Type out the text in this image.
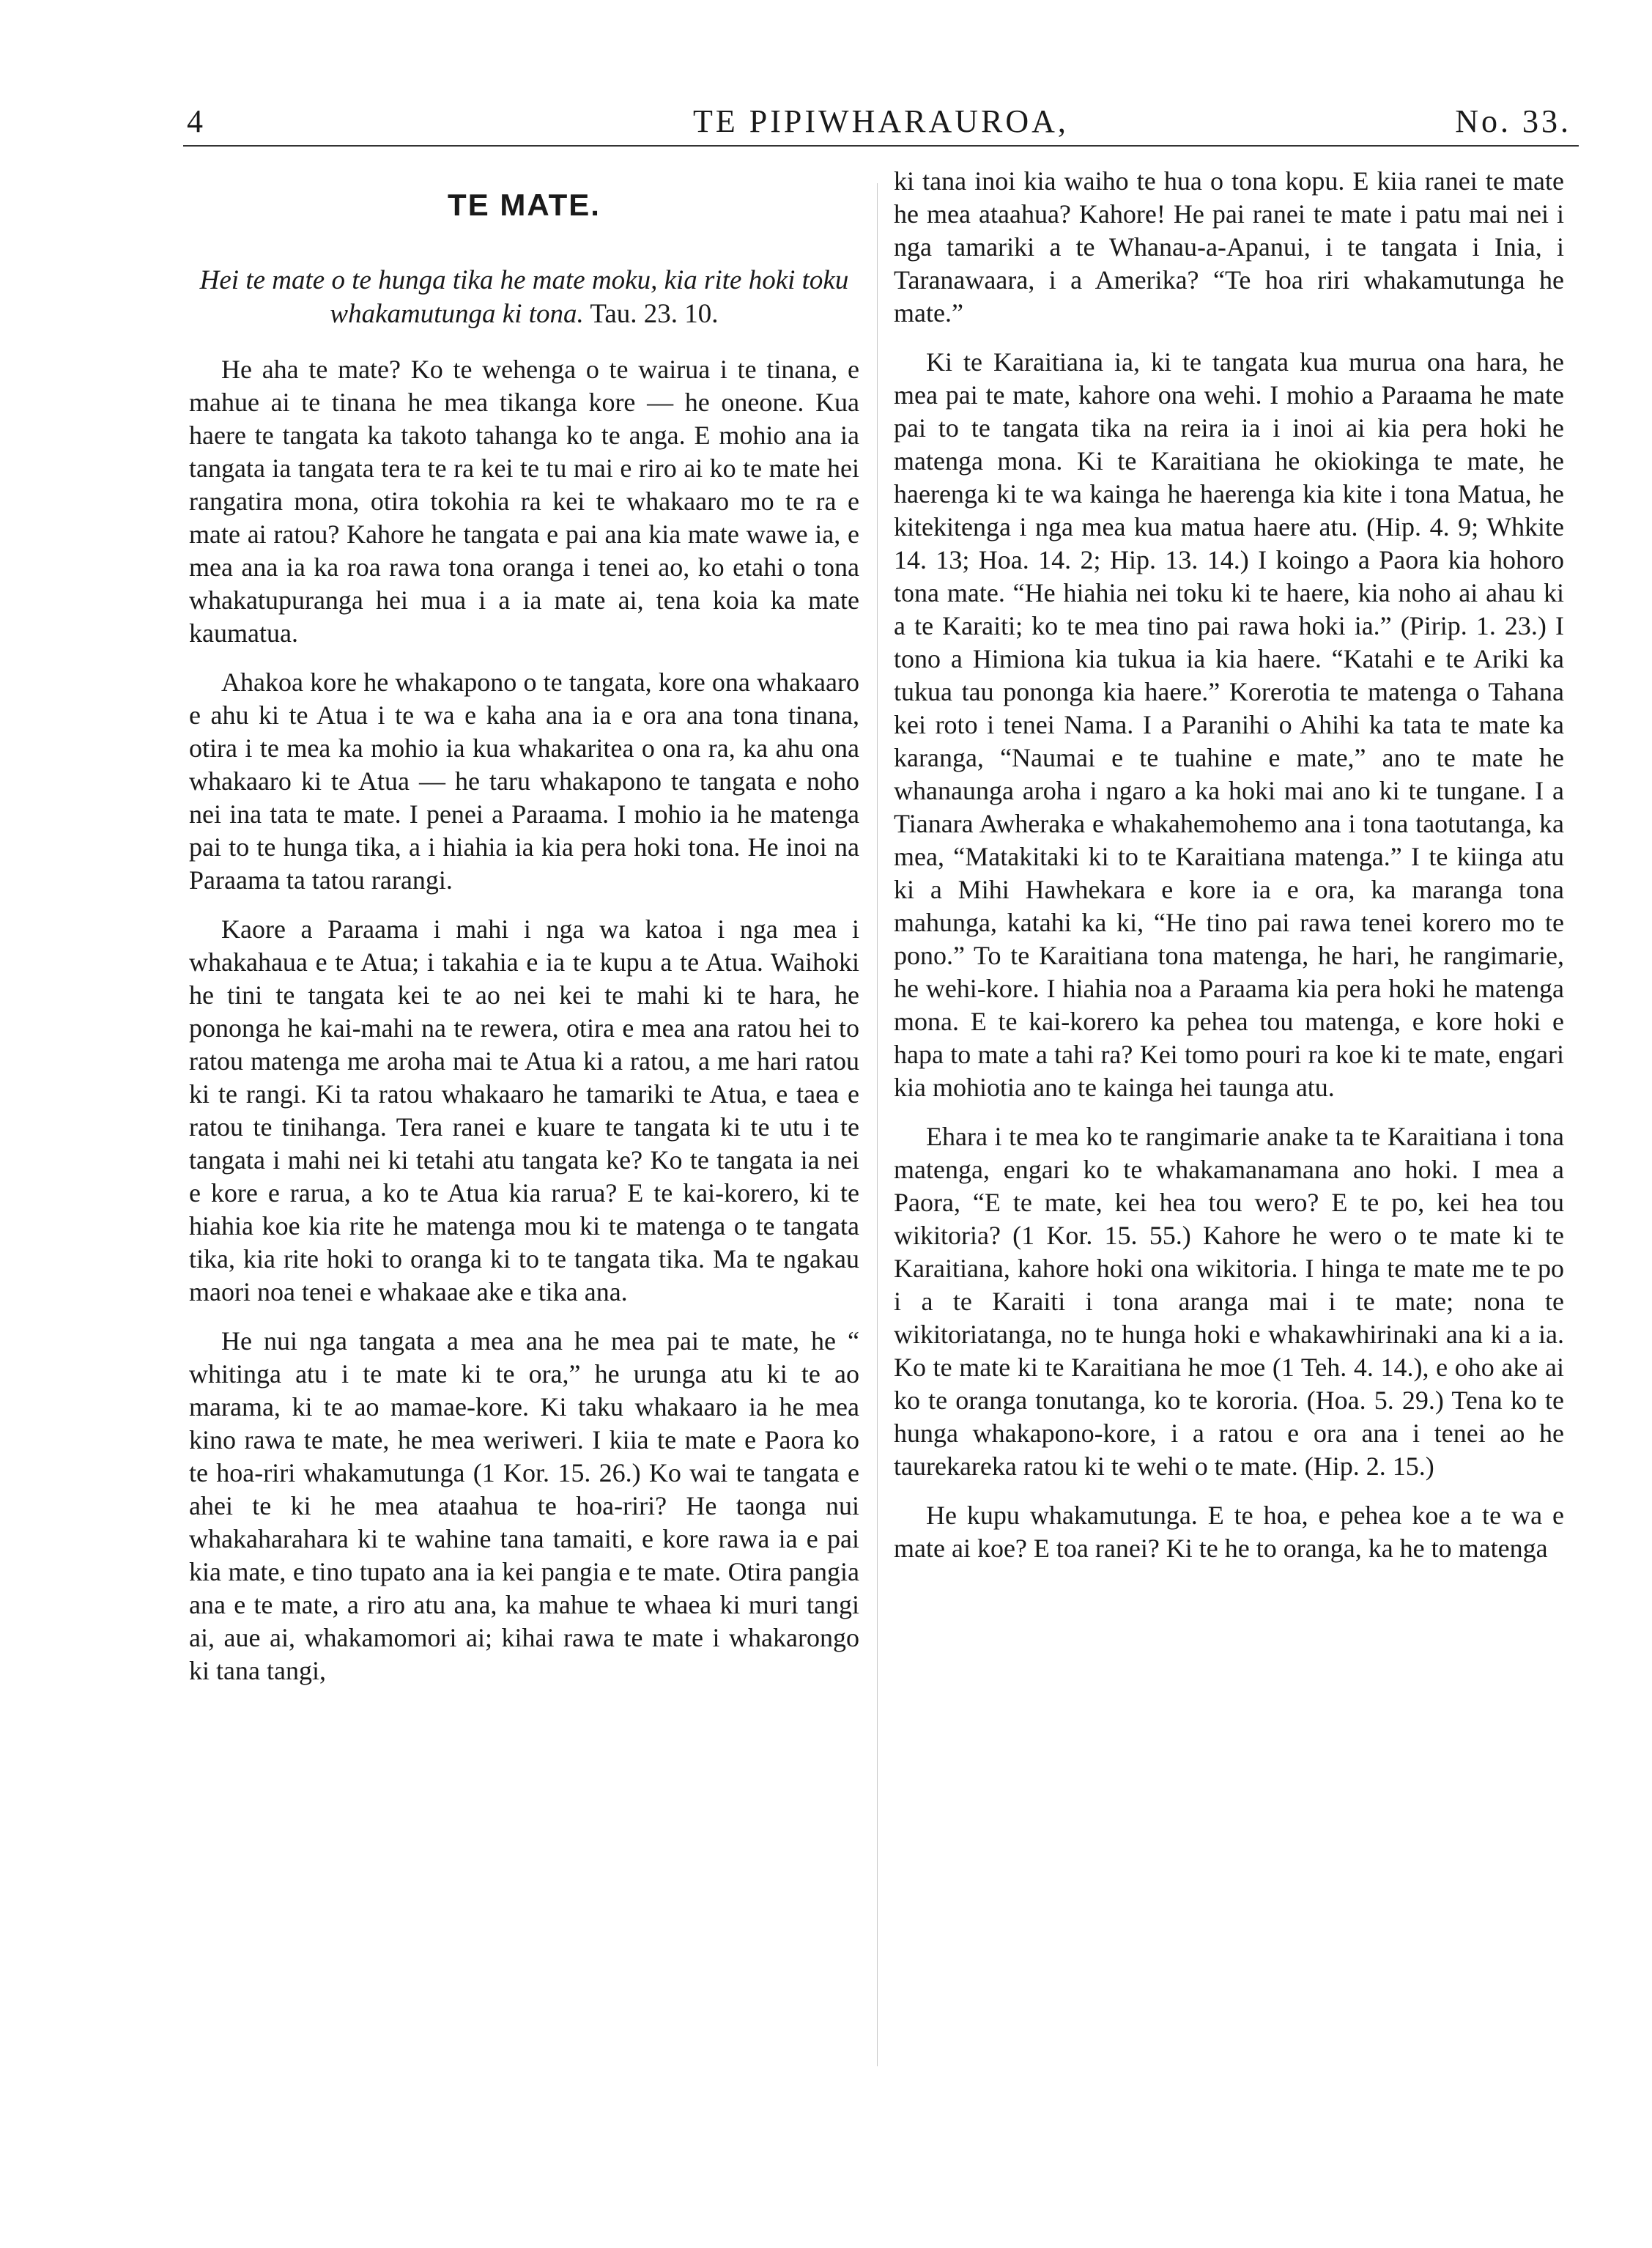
4	TE PIPIWHARAUROA,	No. 33.
TE MATE.
Hei te mate o te hunga tika he mate moku, kia rite hoki toku whakamutunga ki tona. Tau. 23. 10.

He aha te mate? Ko te wehenga o te wairua i te tinana, e mahue ai te tinana he mea tikanga kore — he oneone. Kua haere te tangata ka takoto tahanga ko te anga. E mohio ana ia tangata ia tangata tera te ra kei te tu mai e riro ai ko te mate hei rangatira mona, otira tokohia ra kei te whakaaro mo te ra e mate ai ratou? Kahore he tangata e pai ana kia mate wawe ia, e mea ana ia ka roa rawa tona oranga i tenei ao, ko etahi o tona whakatupuranga hei mua i a ia mate ai, tena koia ka mate kaumatua.

Ahakoa kore he whakapono o te tangata, kore ona whakaaro e ahu ki te Atua i te wa e kaha ana ia e ora ana tona tinana, otira i te mea ka mohio ia kua whakaritea o ona ra, ka ahu ona whakaaro ki te Atua — he taru whakapono te tangata e noho nei ina tata te mate. I penei a Paraama. I mohio ia he matenga pai to te hunga tika, a i hiahia ia kia pera hoki tona. He inoi na Paraama ta tatou rarangi.

Kaore a Paraama i mahi i nga wa katoa i nga mea i whakahaua e te Atua; i takahia e ia te kupu a te Atua. Waihoki he tini te tangata kei te ao nei kei te mahi ki te hara, he pononga he kai-mahi na te rewera, otira e mea ana ratou hei to ratou matenga me aroha mai te Atua ki a ratou, a me hari ratou ki te rangi. Ki ta ratou whakaaro he tamariki te Atua, e taea e ratou te tinihanga. Tera ranei e kuare te tangata ki te utu i te tangata i mahi nei ki tetahi atu tangata ke? Ko te tangata ia nei e kore e rarua, a ko te Atua kia rarua? E te kai-korero, ki te hiahia koe kia rite he matenga mou ki te matenga o te tangata tika, kia rite hoki to oranga ki to te tangata tika. Ma te ngakau maori noa tenei e whakaae ake e tika ana.

He nui nga tangata a mea ana he mea pai te mate, he “ whitinga atu i te mate ki te ora,” he urunga atu ki te ao marama, ki te ao mamae-kore. Ki taku whakaaro ia he mea kino rawa te mate, he mea weriweri. I kiia te mate e Paora ko te hoa-riri whakamutunga (1 Kor. 15. 26.) Ko wai te tangata e ahei te ki he mea ataahua te hoa-riri? He taonga nui whakaharahara ki te wahine tana tamaiti, e kore rawa ia e pai kia mate, e tino tupato ana ia kei pangia e te mate. Otira pangia ana e te mate, a riro atu ana, ka mahue te whaea ki muri tangi ai, aue ai, whakamomori ai; kihai rawa te mate i whakarongo ki tana tangi,

ki tana inoi kia waiho te hua o tona kopu. E kiia ranei te mate he mea ataahua? Kahore! He pai ranei te mate i patu mai nei i nga tamariki a te Whanau-a-Apanui, i te tangata i Inia, i Taranawaara, i a Amerika? “Te hoa riri whakamutunga he mate.”

Ki te Karaitiana ia, ki te tangata kua murua ona hara, he mea pai te mate, kahore ona wehi. I mohio a Paraama he mate pai to te tangata tika na reira ia i inoi ai kia pera hoki he matenga mona. Ki te Karaitiana he okiokinga te mate, he haerenga ki te wa kainga he haerenga kia kite i tona Matua, he kitekitenga i nga mea kua matua haere atu. (Hip. 4. 9; Whkite 14. 13; Hoa. 14. 2; Hip. 13. 14.) I koingo a Paora kia hohoro tona mate. “He hiahia nei toku ki te haere, kia noho ai ahau ki a te Karaiti; ko te mea tino pai rawa hoki ia.” (Pirip. 1. 23.) I tono a Himiona kia tukua ia kia haere. “Katahi e te Ariki ka tukua tau pononga kia haere.” Korerotia te matenga o Tahana kei roto i tenei Nama. I a Paranihi o Ahihi ka tata te mate ka karanga, “Naumai e te tuahine e mate,” ano te mate he whanaunga aroha i ngaro a ka hoki mai ano ki te tungane. I a Tianara Awheraka e whakahemohemo ana i tona taotutanga, ka mea, “Matakitaki ki to te Karaitiana matenga.” I te kiinga atu ki a Mihi Hawhekara e kore ia e ora, ka maranga tona mahunga, katahi ka ki, “He tino pai rawa tenei korero mo te pono.” To te Karaitiana tona matenga, he hari, he rangimarie, he wehi-kore. I hiahia noa a Paraama kia pera hoki he matenga mona. E te kai-korero ka pehea tou matenga, e kore hoki e hapa to mate a tahi ra? Kei tomo pouri ra koe ki te mate, engari kia mohiotia ano te kainga hei taunga atu.

Ehara i te mea ko te rangimarie anake ta te Karaitiana i tona matenga, engari ko te whakamanamana ano hoki. I mea a Paora, “E te mate, kei hea tou wero? E te po, kei hea tou wikitoria? (1 Kor. 15. 55.) Kahore he wero o te mate ki te Karaitiana, kahore hoki ona wikitoria. I hinga te mate me te po i a te Karaiti i tona aranga mai i te mate; nona te wikitoriatanga, no te hunga hoki e whakawhirinaki ana ki a ia. Ko te mate ki te Karaitiana he moe (1 Teh. 4. 14.), e oho ake ai ko te oranga tonutanga, ko te kororia. (Hoa. 5. 29.) Tena ko te hunga whakapono-kore, i a ratou e ora ana i tenei ao he taurekareka ratou ki te wehi o te mate. (Hip. 2. 15.)

He kupu whakamutunga. E te hoa, e pehea koe a te wa e mate ai koe? E toa ranei? Ki te he to oranga, ka he to matenga
